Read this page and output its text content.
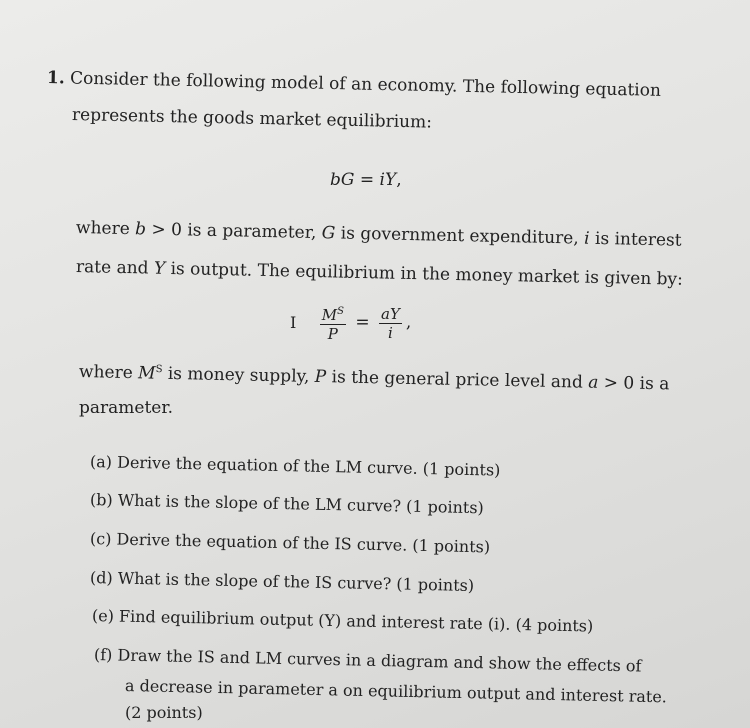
1. Consider the following model of an economy. The following equation
represents the goods market equilibrium:
bG = iY,
where b > 0 is a parameter, G is government expenditure, i is interest
rate and Y is output. The equilibrium in the money market is given by:
I $\frac{M^S}{P} = \frac{aY}{i}$ ,
where $M^S$ is money supply, P is the general price level and a > 0 is a
parameter.
(a) Derive the equation of the LM curve. (1 points)
(b) What is the slope of the LM curve? (1 points)
(c) Derive the equation of the IS curve. (1 points)
(d) What is the slope of the IS curve? (1 points)
(e) Find equilibrium output (Y) and interest rate (i). (4 points)
(f) Draw the IS and LM curves in a diagram and show the effects of
a decrease in parameter a on equilibrium output and interest rate.
(2 points)
